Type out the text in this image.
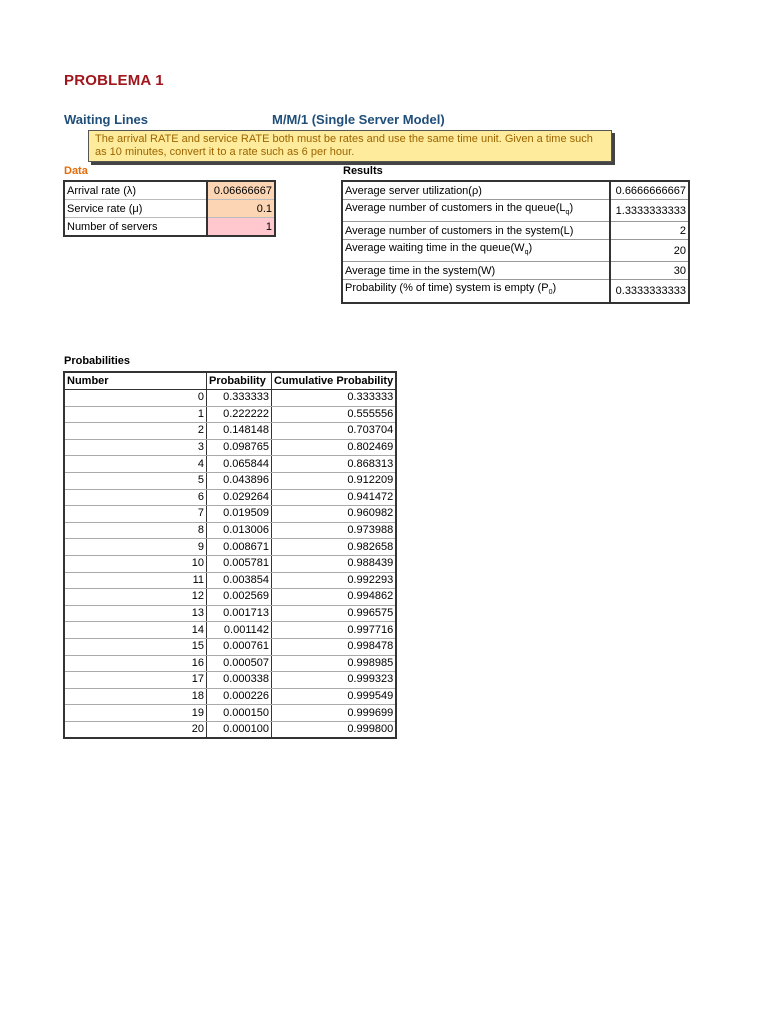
PROBLEMA 1
Waiting Lines	M/M/1 (Single Server Model)
The arrival RATE and service RATE both must be rates and use the same time unit. Given a time such as 10 minutes, convert it to a rate such as 6 per hour.
Data	Results
Arrival rate (λ)	0.06666667
Service rate (μ)	0.1
Number of servers	1
Average server utilization(ρ)	0.6666666667
Average number of customers in the $queue(L_q)$	1.3333333333
Average number of customers in the system(L)	2
Average waiting time in the $queue(W_q)$	20
Average time in the system(W)	30
Probability (% of time) system is empty $(P_0)$	0.3333333333
Probabilities
Number	Probability	Cumulative Probability
0	0.333333	0.333333
1	0.222222	0.555556
2	0.148148	0.703704
3	0.098765	0.802469
4	0.065844	0.868313
5	0.043896	0.912209
6	0.029264	0.941472
7	0.019509	0.960982
8	0.013006	0.973988
9	0.008671	0.982658
10	0.005781	0.988439
11	0.003854	0.992293
12	0.002569	0.994862
13	0.001713	0.996575
14	0.001142	0.997716
15	0.000761	0.998478
16	0.000507	0.998985
17	0.000338	0.999323
18	0.000226	0.999549
19	0.000150	0.999699
20	0.000100	0.999800
